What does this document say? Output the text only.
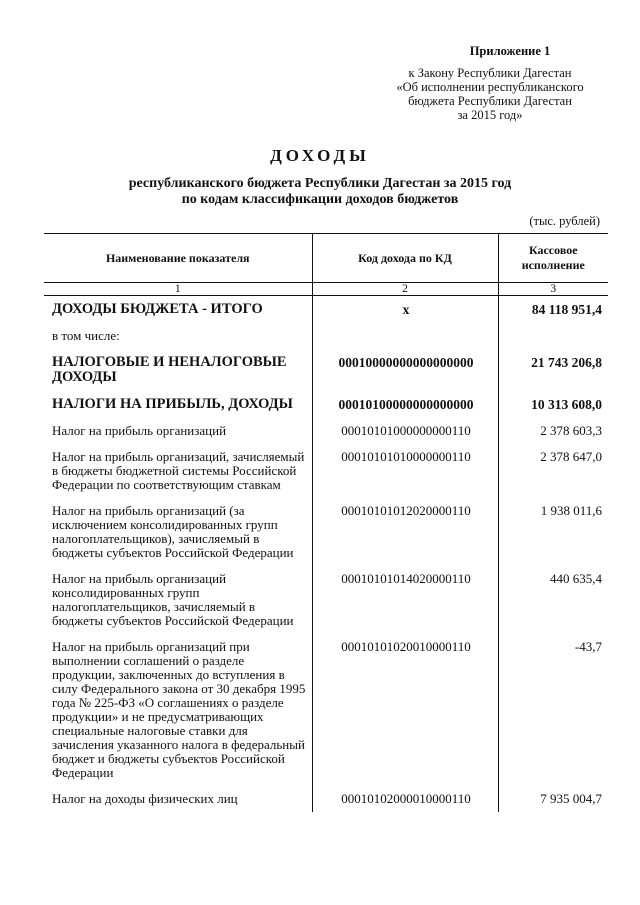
Приложение 1
к Закону Республики Дагестан
«Об исполнении республиканского
бюджета Республики Дагестан
за 2015 год»
ДОХОДЫ
республиканского бюджета Республики Дагестан за 2015 год
по кодам классификации доходов бюджетов
(тыс. рублей)
Наименование показателя	Код дохода по КД	Кассовое исполнение
1	2	3
ДОХОДЫ БЮДЖЕТА - ИТОГО	x	84 118 951,4
в том числе:		
НАЛОГОВЫЕ И НЕНАЛОГОВЫЕ ДОХОДЫ	00010000000000000000	21 743 206,8
НАЛОГИ НА ПРИБЫЛЬ, ДОХОДЫ	00010100000000000000	10 313 608,0
Налог на прибыль организаций	00010101000000000110	2 378 603,3
Налог на прибыль организаций, зачисляемый в бюджеты бюджетной системы Российской Федерации по соответствующим ставкам	00010101010000000110	2 378 647,0
Налог на прибыль организаций (за исключением консолидированных групп налогоплательщиков), зачисляемый в бюджеты субъектов Российской Федерации	00010101012020000110	1 938 011,6
Налог на прибыль организаций консолидированных групп налогоплательщиков, зачисляемый в бюджеты субъектов Российской Федерации	00010101014020000110	440 635,4
Налог на прибыль организаций при выполнении соглашений о разделе продукции, заключенных до вступления в силу Федерального закона от 30 декабря 1995 года № 225-ФЗ «О соглашениях о разделе продукции» и не предусматривающих специальные налоговые ставки для зачисления указанного налога в федеральный бюджет и бюджеты субъектов Российской Федерации	00010101020010000110	-43,7
Налог на доходы физических лиц	00010102000010000110	7 935 004,7
